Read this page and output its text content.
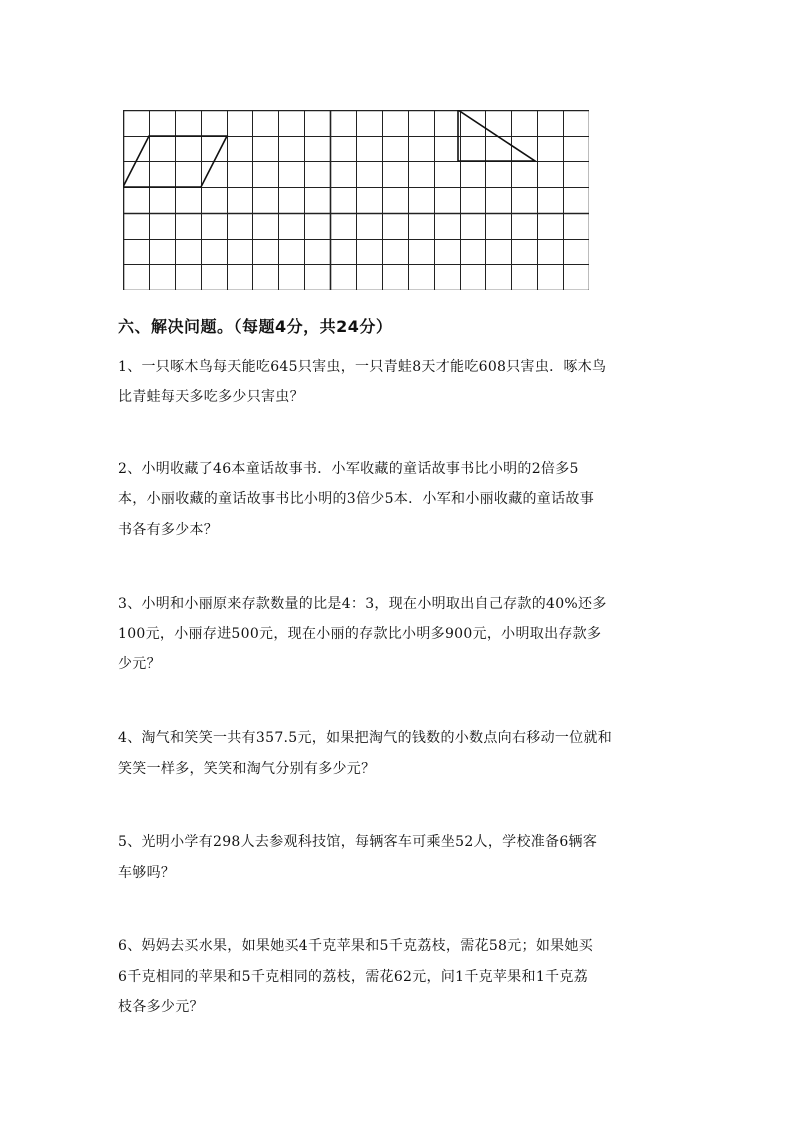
六、解决问题。（每题4分，共24分）
1、一只啄木鸟每天能吃645只害虫，一只青蛙8天才能吃608只害虫．啄木鸟
比青蛙每天多吃多少只害虫？
2、小明收藏了46本童话故事书．小军收藏的童话故事书比小明的2倍多5
本，小丽收藏的童话故事书比小明的3倍少5本．小军和小丽收藏的童话故事
书各有多少本？
3、小明和小丽原来存款数量的比是4：3，现在小明取出自己存款的40%还多
100元，小丽存进500元，现在小丽的存款比小明多900元，小明取出存款多
少元？
4、淘气和笑笑一共有357.5元，如果把淘气的钱数的小数点向右移动一位就和
笑笑一样多，笑笑和淘气分别有多少元？
5、光明小学有298人去参观科技馆，每辆客车可乘坐52人，学校准备6辆客
车够吗？
6、妈妈去买水果，如果她买4千克苹果和5千克荔枝，需花58元；如果她买
6千克相同的苹果和5千克相同的荔枝，需花62元，问1千克苹果和1千克荔
枝各多少元？
